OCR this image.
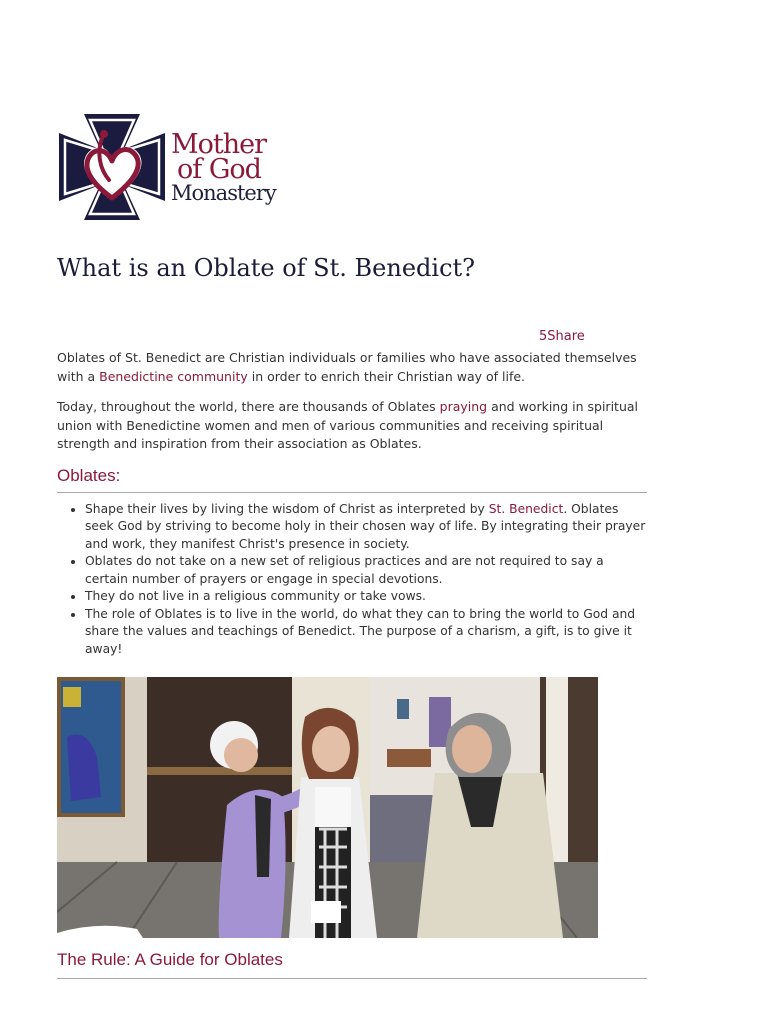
Mother
of God
Monastery
What is an Oblate of St. Benedict?
5Share

Oblates of St. Benedict are Christian individuals or families who have associated themselves with a Benedictine community in order to enrich their Christian way of life.

Today, throughout the world, there are thousands of Oblates praying and working in spiritual union with Benedictine women and men of various communities and receiving spiritual strength and inspiration from their association as Oblates.

Oblates:
• Shape their lives by living the wisdom of Christ as interpreted by St. Benedict. Oblates seek God by striving to become holy in their chosen way of life. By integrating their prayer and work, they manifest Christ's presence in society.
• Oblates do not take on a new set of religious practices and are not required to say a certain number of prayers or engage in special devotions.
• They do not live in a religious community or take vows.
• The role of Oblates is to live in the world, do what they can to bring the world to God and share the values and teachings of Benedict. The purpose of a charism, a gift, is to give it away!
The Rule: A Guide for Oblates
